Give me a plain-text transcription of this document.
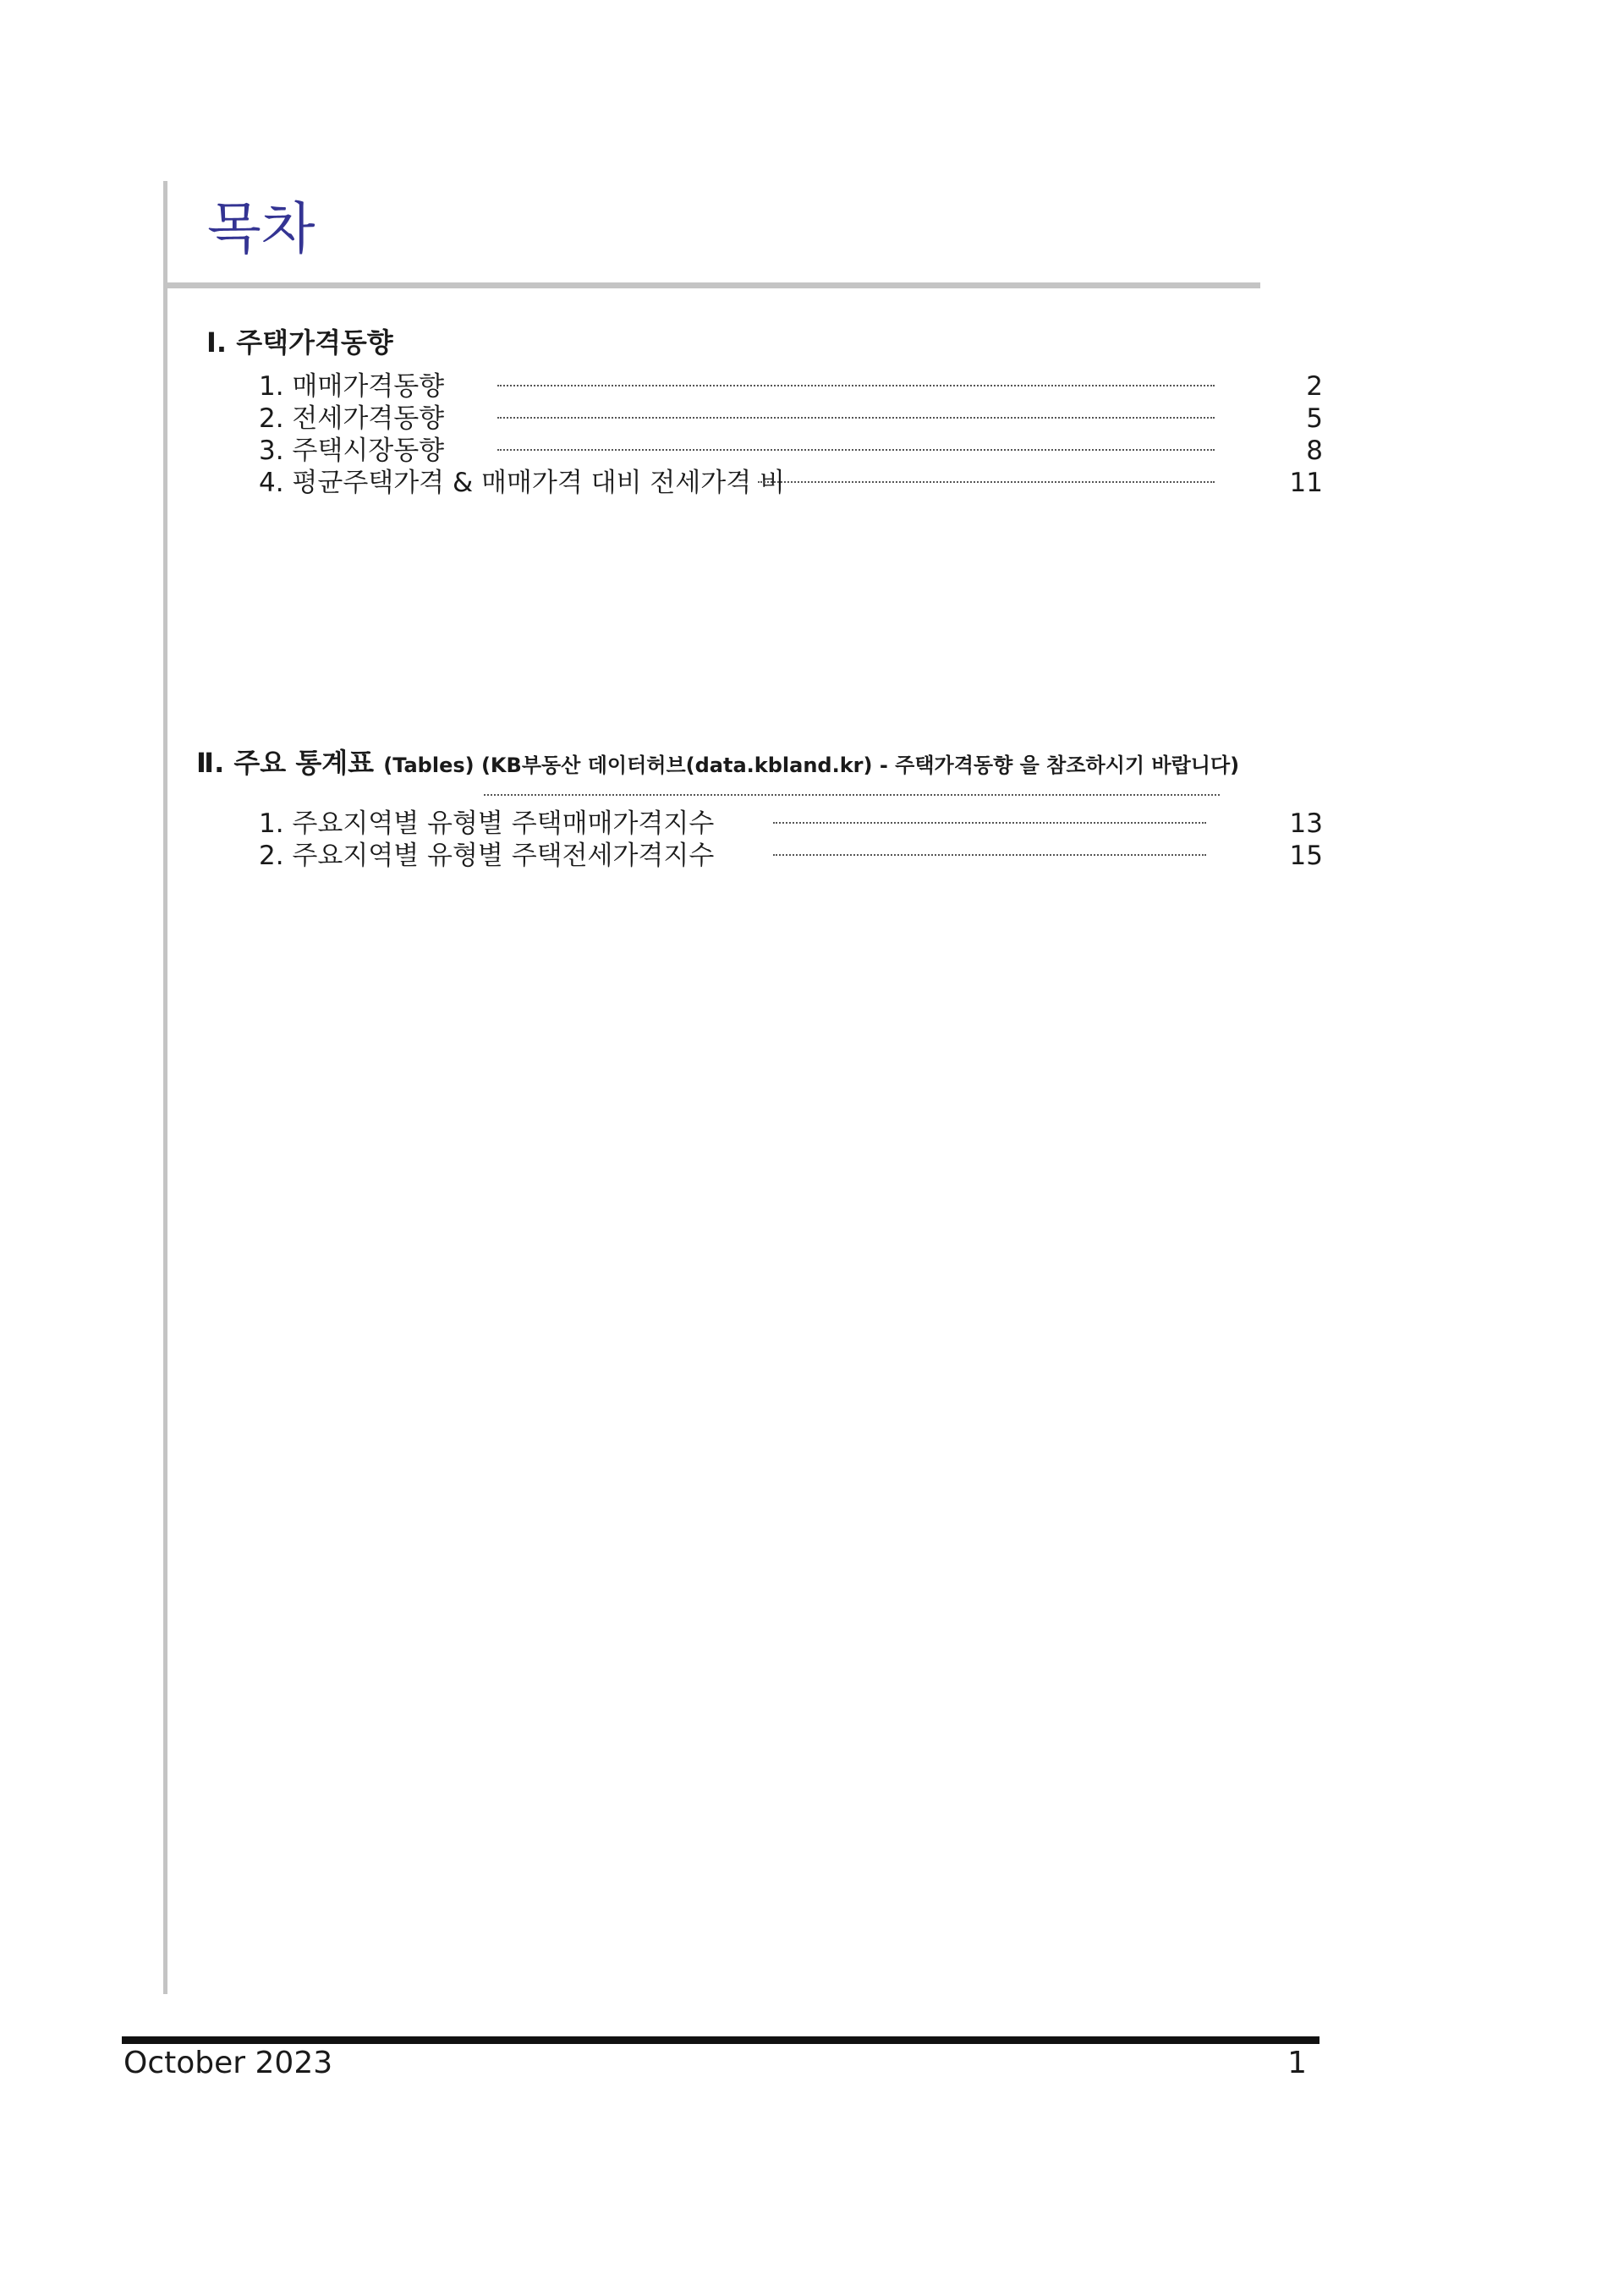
목차
Ⅰ. 주택가격동향
1. 매매가격동향	2
2. 전세가격동향	5
3. 주택시장동향	8
4. 평균주택가격 & 매매가격 대비 전세가격 비	11
Ⅱ. 주요 통계표 (Tables) (KB부동산 데이터허브(data.kbland.kr) - 주택가격동향 을 참조하시기 바랍니다)
1. 주요지역별 유형별 주택매매가격지수	13
2. 주요지역별 유형별 주택전세가격지수	15
October 2023	1
